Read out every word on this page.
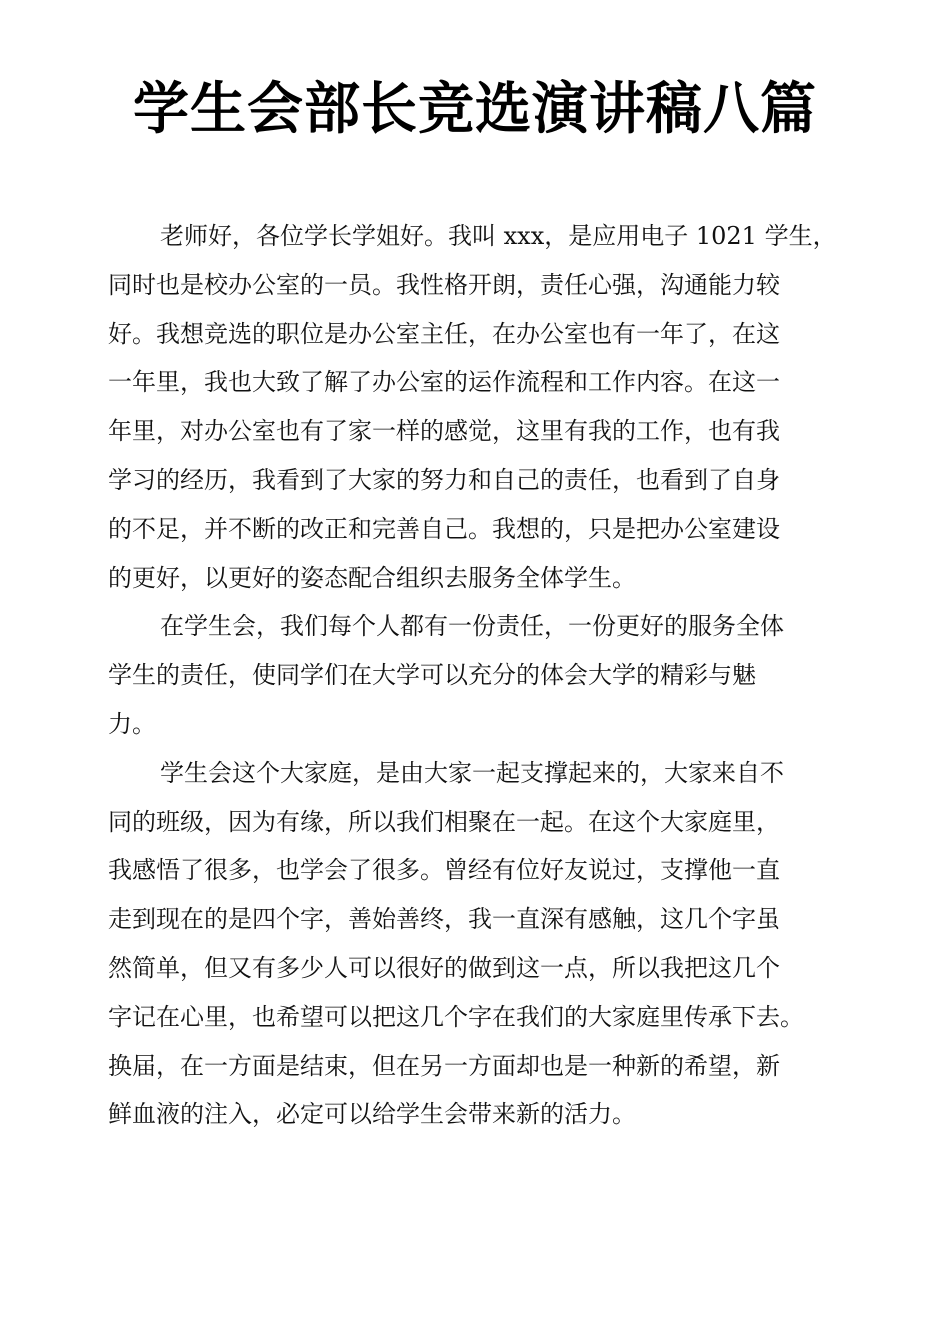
学生会部长竞选演讲稿八篇
老师好，各位学长学姐好。我叫 xxx，是应用电子 1021 学生，
同时也是校办公室的一员。我性格开朗，责任心强，沟通能力较
好。我想竞选的职位是办公室主任，在办公室也有一年了，在这
一年里，我也大致了解了办公室的运作流程和工作内容。在这一
年里，对办公室也有了家一样的感觉，这里有我的工作，也有我
学习的经历，我看到了大家的努力和自己的责任，也看到了自身
的不足，并不断的改正和完善自己。我想的，只是把办公室建设
的更好，以更好的姿态配合组织去服务全体学生。
在学生会，我们每个人都有一份责任，一份更好的服务全体
学生的责任，使同学们在大学可以充分的体会大学的精彩与魅
力。
学生会这个大家庭，是由大家一起支撑起来的，大家来自不
同的班级，因为有缘，所以我们相聚在一起。在这个大家庭里，
我感悟了很多，也学会了很多。曾经有位好友说过，支撑他一直
走到现在的是四个字，善始善终，我一直深有感触，这几个字虽
然简单，但又有多少人可以很好的做到这一点，所以我把这几个
字记在心里，也希望可以把这几个字在我们的大家庭里传承下去。
换届，在一方面是结束，但在另一方面却也是一种新的希望，新
鲜血液的注入，必定可以给学生会带来新的活力。
